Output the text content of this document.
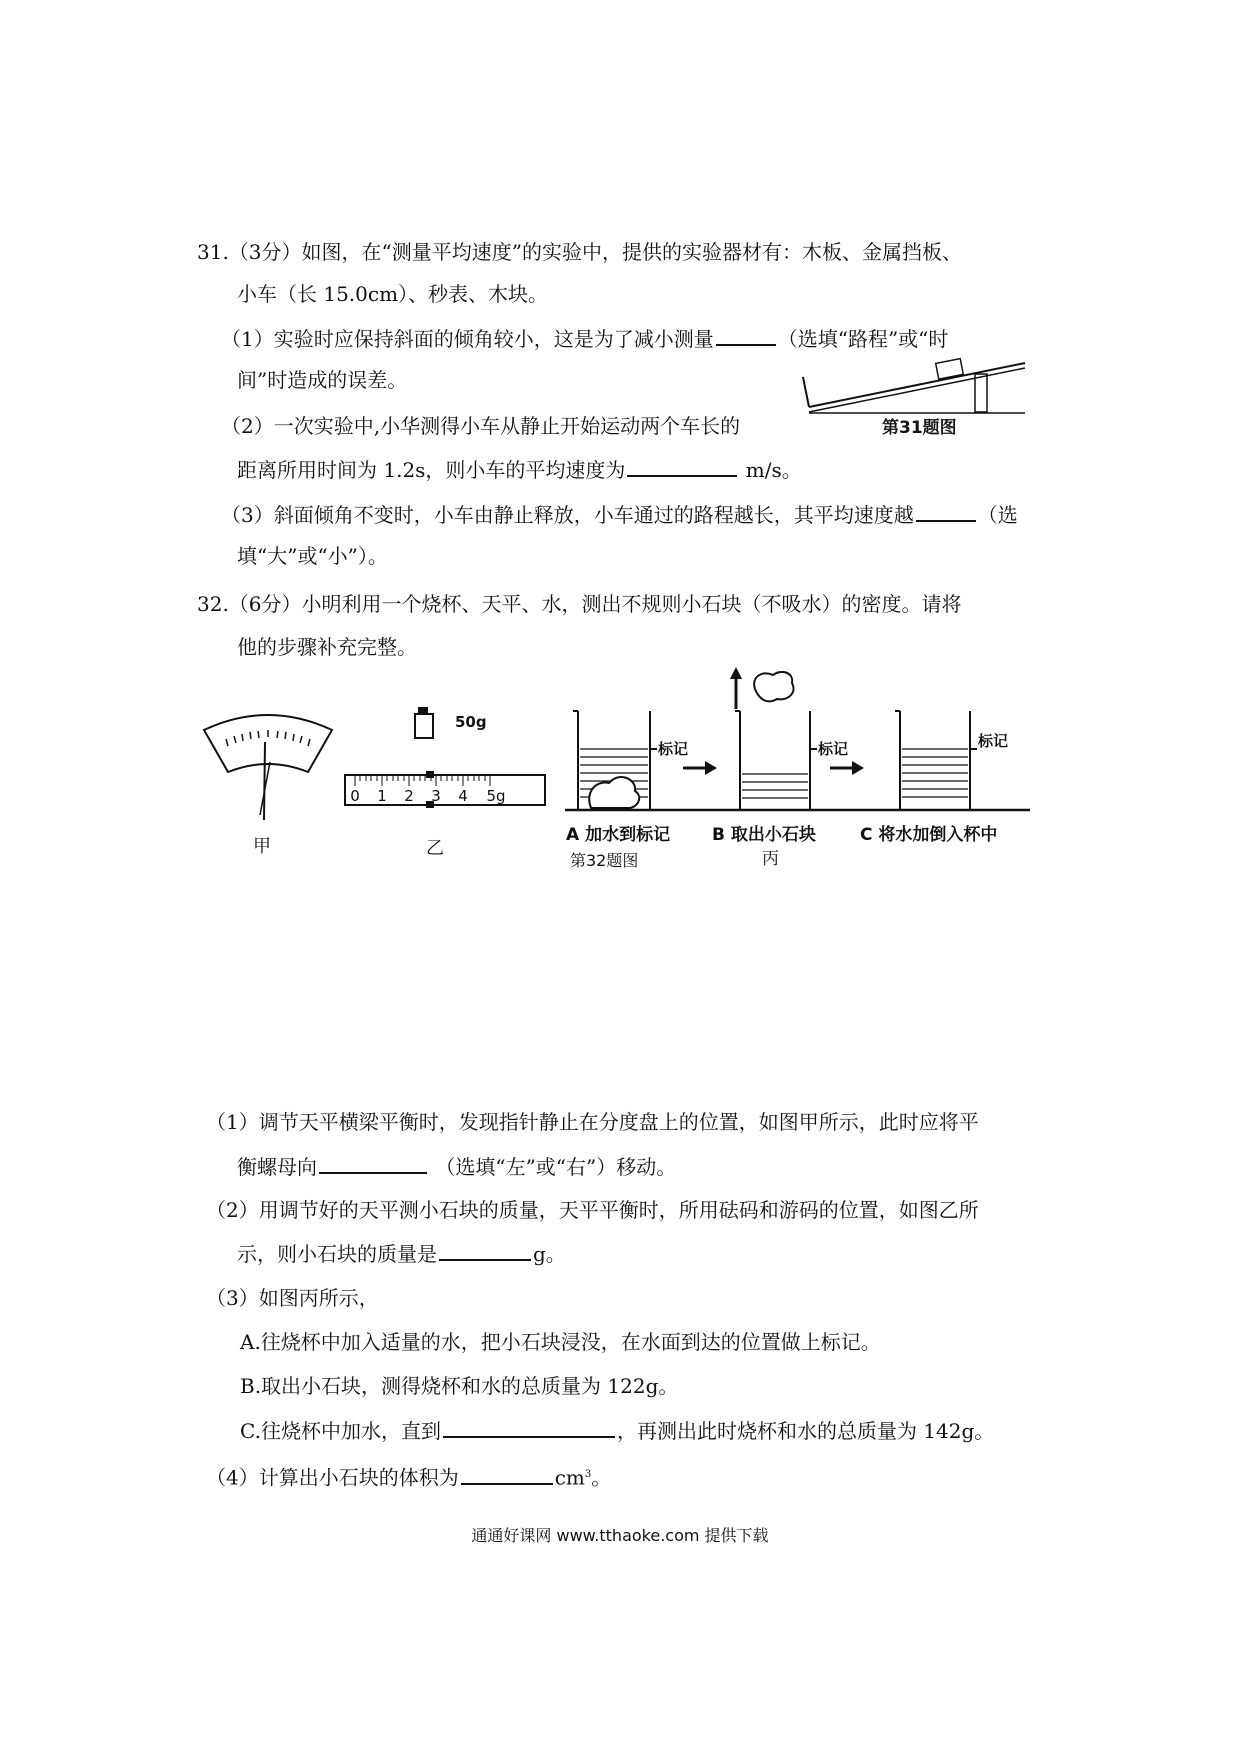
31.（3分）如图，在“测量平均速度”的实验中，提供的实验器材有：木板、金属挡板、
小车（长 15.0cm）、秒表、木块。
（1）实验时应保持斜面的倾角较小，这是为了减小测量	（选填“路程”或“时
间”时造成的误差。
（2）一次实验中,小华测得小车从静止开始运动两个车长的
距离所用时间为 1.2s，则小车的平均速度为	m/s。
（3）斜面倾角不变时，小车由静止释放，小车通过的路程越长，其平均速度越	（选
填“大”或“小”）。
第31题图
32.（6分）小明利用一个烧杯、天平、水，测出不规则小石块（不吸水）的密度。请将
他的步骤补充完整。
甲
0 1 2 3 4 5g
50g
乙
标记	标记	标记
A 加水到标记 B 取出小石块	C 将水加倒入杯中
丙
第32题图
（1）调节天平横梁平衡时，发现指针静止在分度盘上的位置，如图甲所示，此时应将平
衡螺母向	（选填“左”或“右”）移动。
（2）用调节好的天平测小石块的质量，天平平衡时，所用砝码和游码的位置，如图乙所
示，则小石块的质量是	g。
（3）如图丙所示，
A.往烧杯中加入适量的水，把小石块浸没，在水面到达的位置做上标记。
B.取出小石块，测得烧杯和水的总质量为 122g。
C.往烧杯中加水，直到	，再测出此时烧杯和水的总质量为 142g。
（4）计算出小石块的体积为	$cm^3$。
通通好课网 www.tthaoke.com 提供下载
